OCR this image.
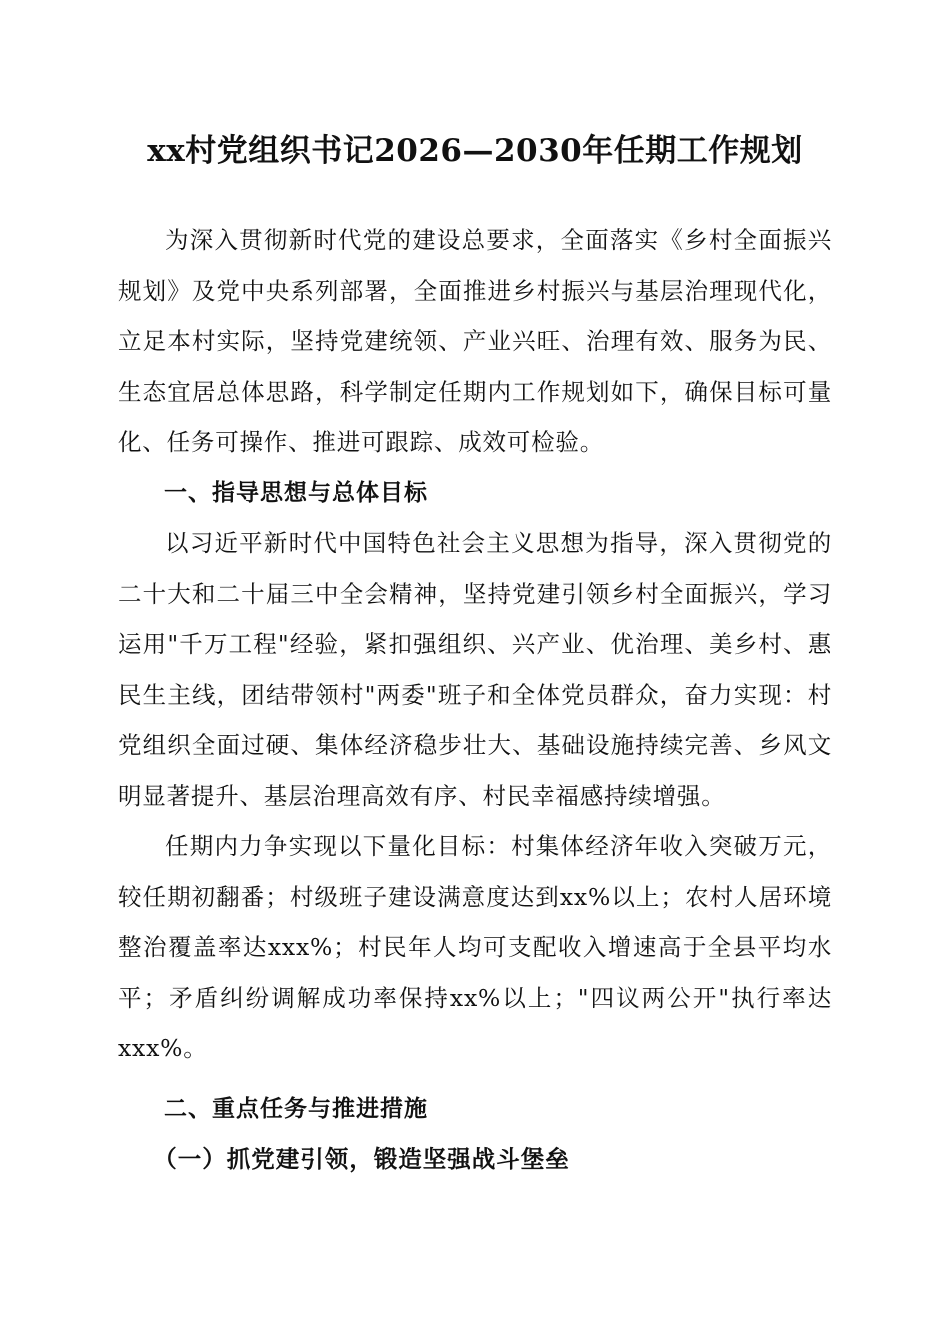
xx村党组织书记2026—2030年任期工作规划

为深入贯彻新时代党的建设总要求，全面落实《乡村全面振兴规划》及党中央系列部署，全面推进乡村振兴与基层治理现代化，立足本村实际，坚持党建统领、产业兴旺、治理有效、服务为民、生态宜居总体思路，科学制定任期内工作规划如下，确保目标可量化、任务可操作、推进可跟踪、成效可检验。

一、指导思想与总体目标

以习近平新时代中国特色社会主义思想为指导，深入贯彻党的二十大和二十届三中全会精神，坚持党建引领乡村全面振兴，学习运用"千万工程"经验，紧扣强组织、兴产业、优治理、美乡村、惠民生主线，团结带领村"两委"班子和全体党员群众，奋力实现：村党组织全面过硬、集体经济稳步壮大、基础设施持续完善、乡风文明显著提升、基层治理高效有序、村民幸福感持续增强。

任期内力争实现以下量化目标：村集体经济年收入突破万元，较任期初翻番；村级班子建设满意度达到xx%以上；农村人居环境整治覆盖率达xxx%；村民年人均可支配收入增速高于全县平均水平；矛盾纠纷调解成功率保持xx%以上；"四议两公开"执行率达xxx%。

二、重点任务与推进措施
（一）抓党建引领，锻造坚强战斗堡垒
